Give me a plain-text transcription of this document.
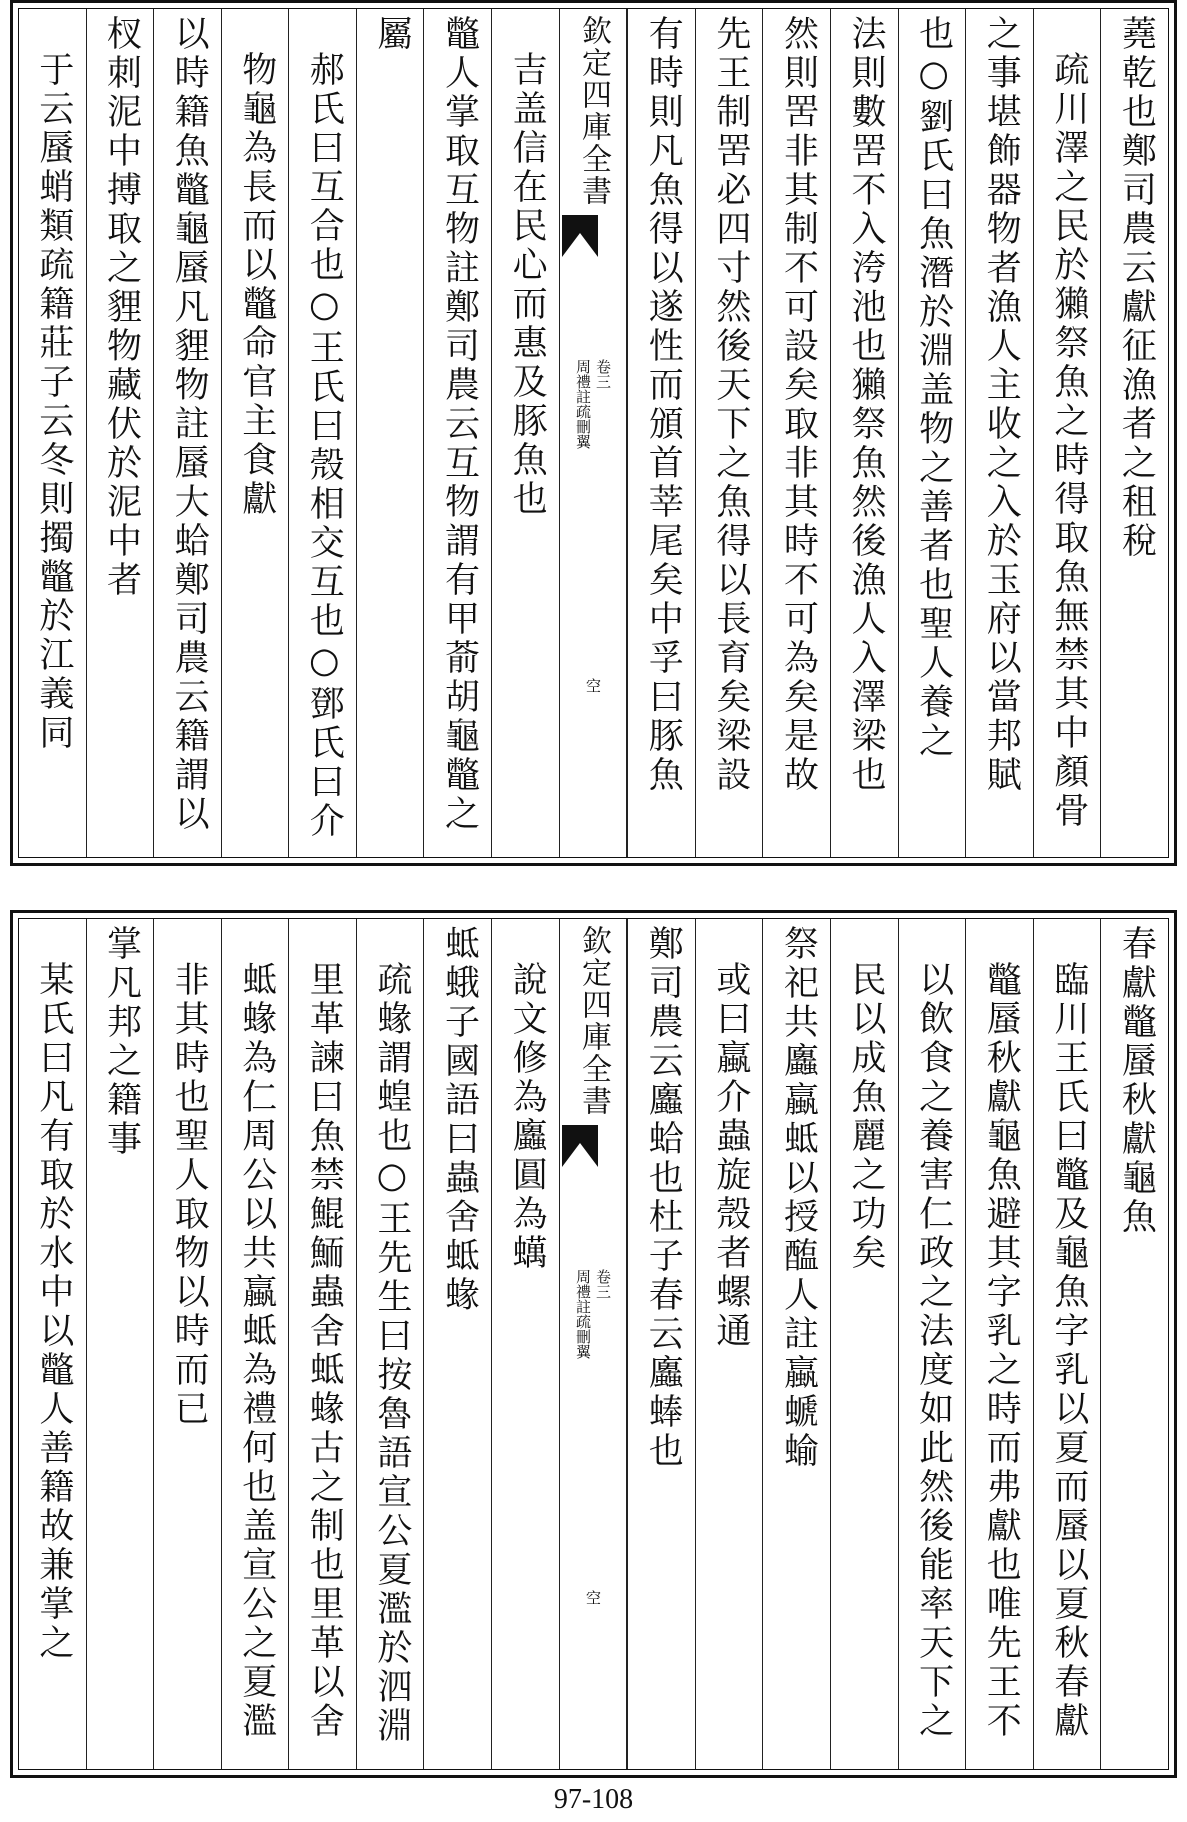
蕘乾也鄭司農云獻征漁者之租稅
疏川澤之民於獺祭魚之時得取魚無禁其中顏骨
之事堪飾器物者漁人主收之入於玉府以當邦賦
也○劉氏曰魚潛於淵盖物之善者也聖人養之
法則數罟不入洿池也獺祭魚然後漁人入澤梁也
然則罟非其制不可設矣取非其時不可為矣是故
先王制罟必四寸然後天下之魚得以長育矣梁設
有時則凡魚得以遂性而頒首莘尾矣中孚曰豚魚
欽定四庫全書
卷三
周禮註疏刪翼
空
吉盖信在民心而惠及豚魚也
鼈人掌取互物註鄭司農云互物謂有甲萮胡龜鼈之
屬
郝氏曰互合也○王氏曰殼相交互也○鄧氏曰介
物龜為長而以鼈命官主食獻
以時籍魚鼈龜蜃凡貍物註蜃大蛤鄭司農云籍謂以
杈刺泥中搏取之貍物藏伏於泥中者
于云蜃蛸類疏籍莊子云冬則擉鼈於江義同
春獻鼈蜃秋獻龜魚
臨川王氏曰鼈及龜魚字乳以夏而蜃以夏秋春獻
鼈蜃秋獻龜魚避其字乳之時而弗獻也唯先王不
以飲食之養害仁政之法度如此然後能率天下之
民以成魚麗之功矣
祭祀共蠯蠃蚳以授醢人註蠃螔蝓
或曰蠃介蟲旋殼者螺通
鄭司農云蠯蛤也杜子春云蠯蜯也
欽定四庫全書
卷三
周禮註疏刪翼
空
說文修為蠯圓為蠇
蚳蛾子國語曰蟲舍蚳蝝
疏蝝謂蝗也○王先生曰按魯語宣公夏濫於泗淵
里革諫曰魚禁鯤鮞蟲舍蚳蝝古之制也里革以舍
蚳蝝為仁周公以共蠃蚳為禮何也盖宣公之夏濫
非其時也聖人取物以時而已
掌凡邦之籍事
某氏曰凡有取於水中以鼈人善籍故兼掌之
97-108
